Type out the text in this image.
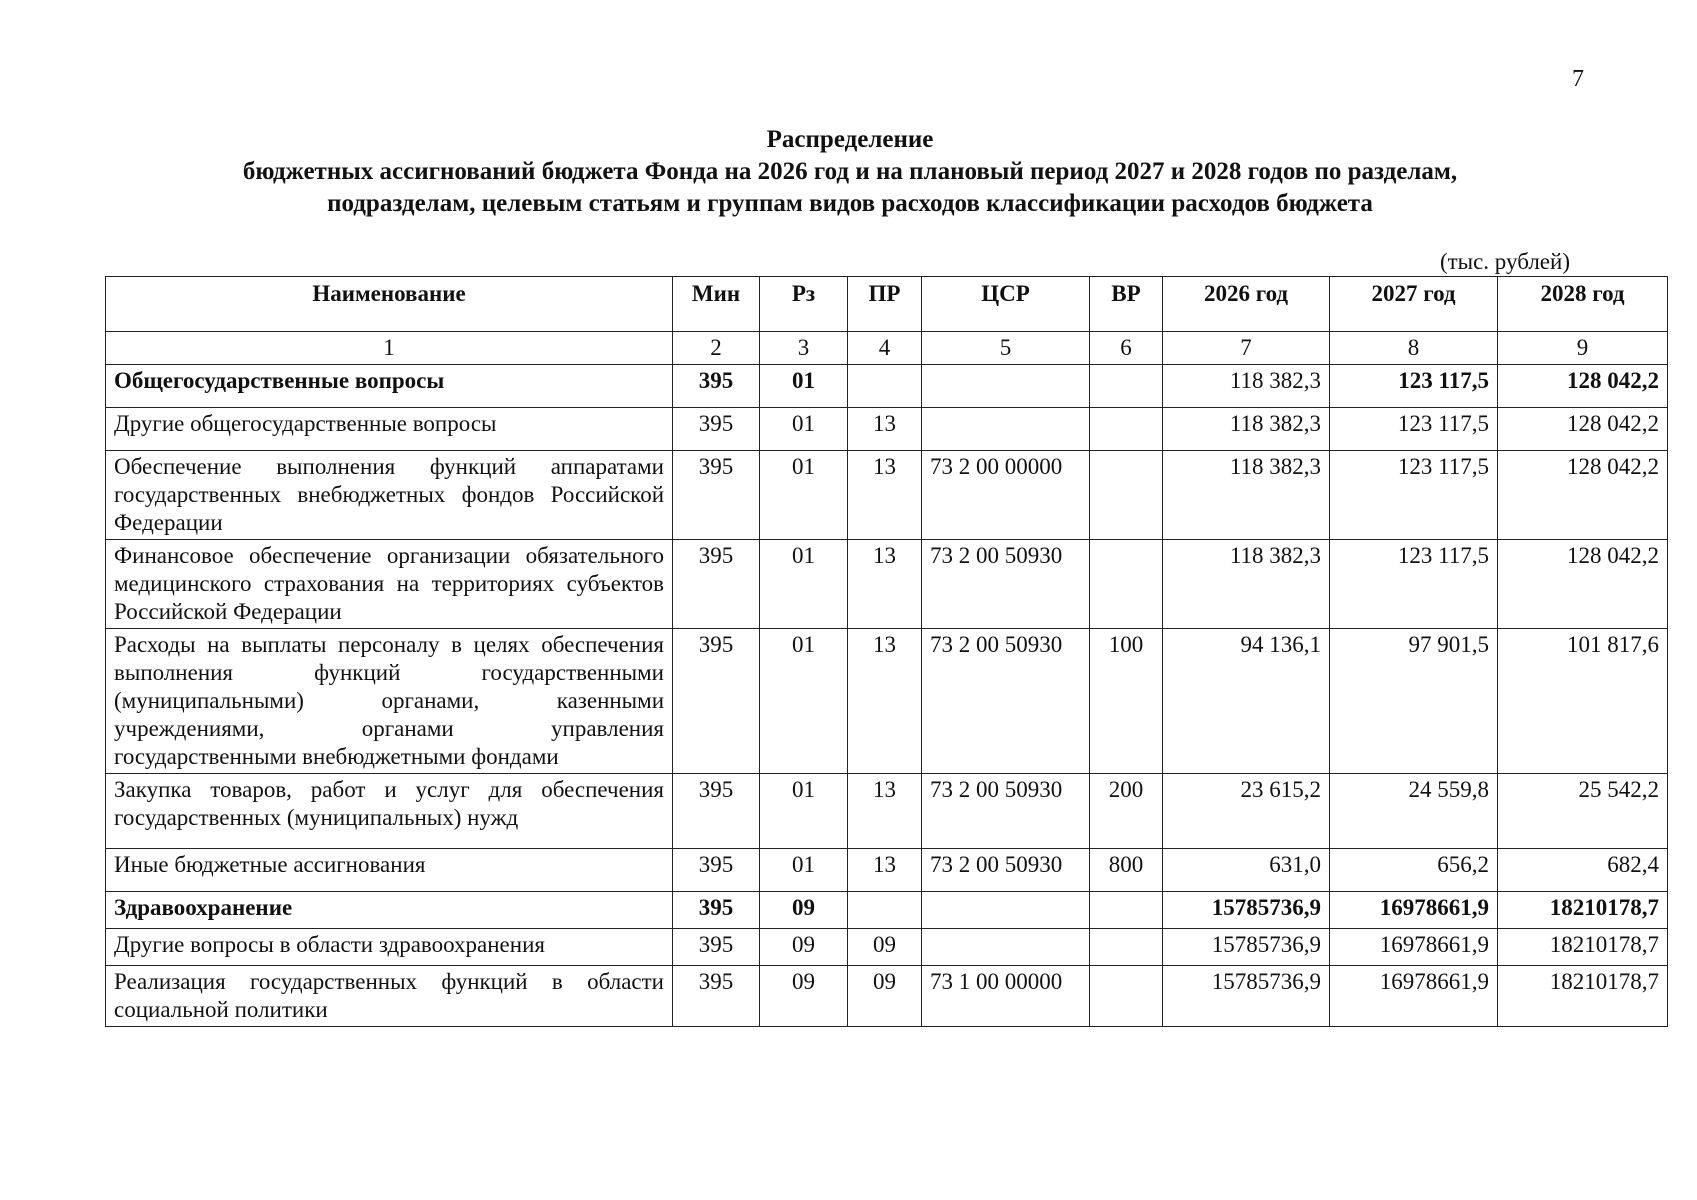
7
Распределение
бюджетных ассигнований бюджета Фонда на 2026 год и на плановый период 2027 и 2028 годов по разделам,
подразделам, целевым статьям и группам видов расходов классификации расходов бюджета
(тыс. рублей)
Наименование	Мин	Рз	ПР	ЦСР	ВР	2026 год	2027 год	2028 год
1	2	3	4	5	6	7	8	9
Общегосударственные вопросы	395	01				118 382,3	123 117,5	128 042,2
Другие общегосударственные вопросы	395	01	13			118 382,3	123 117,5	128 042,2
Обеспечение выполнения функций аппаратами государственных внебюджетных фондов Российской Федерации	395	01	13	73 2 00 00000		118 382,3	123 117,5	128 042,2
Финансовое обеспечение организации обязательного медицинского страхования на территориях субъектов Российской Федерации	395	01	13	73 2 00 50930		118 382,3	123 117,5	128 042,2
Расходы на выплаты персоналу в целях обеспечения выполнения функций государственными (муниципальными) органами, казенными учреждениями, органами управления государственными внебюджетными фондами	395	01	13	73 2 00 50930	100	94 136,1	97 901,5	101 817,6
Закупка товаров, работ и услуг для обеспечения государственных (муниципальных) нужд	395	01	13	73 2 00 50930	200	23 615,2	24 559,8	25 542,2
Иные бюджетные ассигнования	395	01	13	73 2 00 50930	800	631,0	656,2	682,4
Здравоохранение	395	09				15785736,9	16978661,9	18210178,7
Другие вопросы в области здравоохранения	395	09	09			15785736,9	16978661,9	18210178,7
Реализация государственных функций в области социальной политики	395	09	09	73 1 00 00000		15785736,9	16978661,9	18210178,7
